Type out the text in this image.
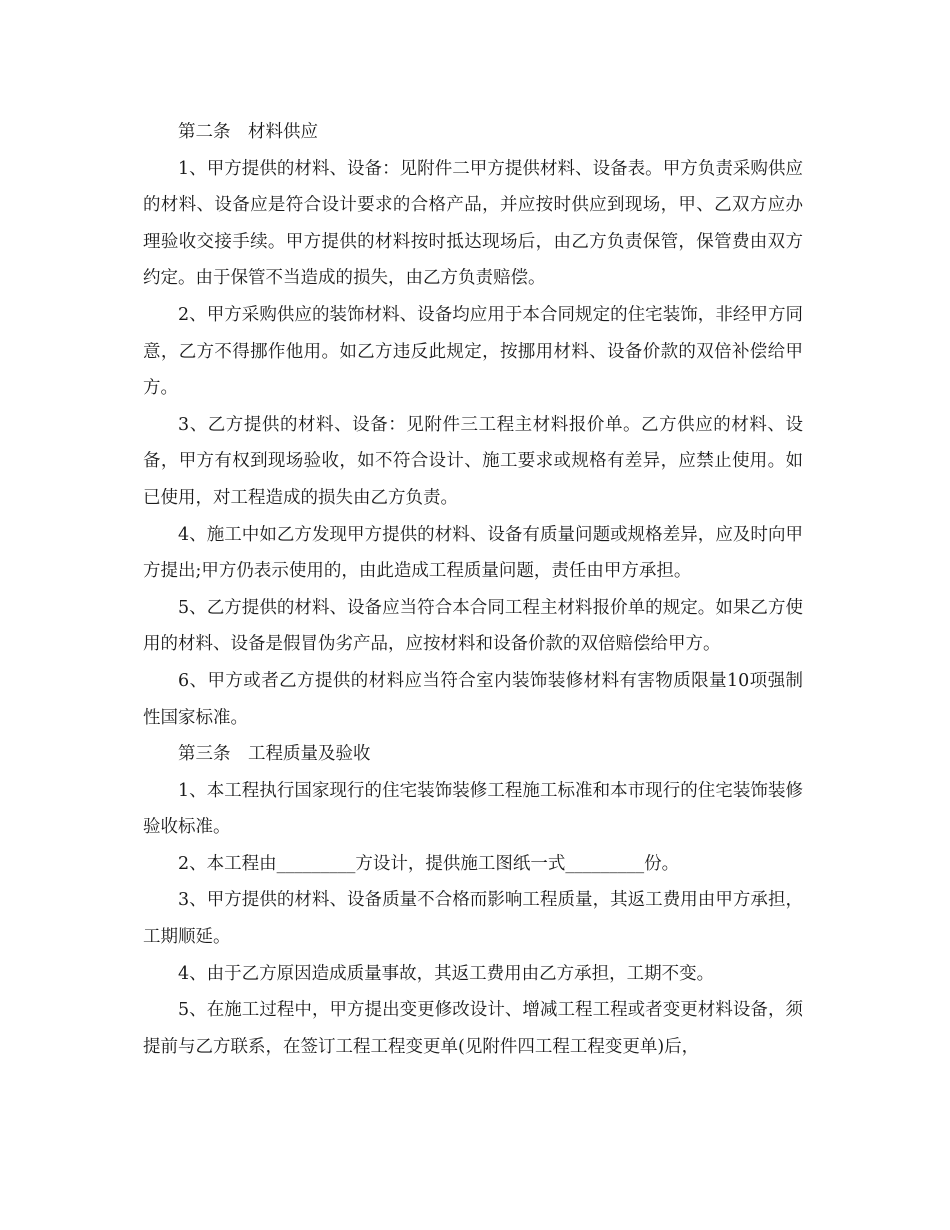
第二条　材料供应

1、甲方提供的材料、设备：见附件二甲方提供材料、设备表。甲方负责采购供应的材料、设备应是符合设计要求的合格产品，并应按时供应到现场，甲、乙双方应办理验收交接手续。甲方提供的材料按时抵达现场后，由乙方负责保管，保管费由双方约定。由于保管不当造成的损失，由乙方负责赔偿。

2、甲方采购供应的装饰材料、设备均应用于本合同规定的住宅装饰，非经甲方同意，乙方不得挪作他用。如乙方违反此规定，按挪用材料、设备价款的双倍补偿给甲方。

3、乙方提供的材料、设备：见附件三工程主材料报价单。乙方供应的材料、设备，甲方有权到现场验收，如不符合设计、施工要求或规格有差异，应禁止使用。如已使用，对工程造成的损失由乙方负责。

4、施工中如乙方发现甲方提供的材料、设备有质量问题或规格差异，应及时向甲方提出;甲方仍表示使用的，由此造成工程质量问题，责任由甲方承担。

5、乙方提供的材料、设备应当符合本合同工程主材料报价单的规定。如果乙方使用的材料、设备是假冒伪劣产品，应按材料和设备价款的双倍赔偿给甲方。

6、甲方或者乙方提供的材料应当符合室内装饰装修材料有害物质限量10项强制性国家标准。

第三条　工程质量及验收

1、本工程执行国家现行的住宅装饰装修工程施工标准和本市现行的住宅装饰装修验收标准。

2、本工程由_________方设计，提供施工图纸一式_________份。

3、甲方提供的材料、设备质量不合格而影响工程质量，其返工费用由甲方承担，工期顺延。

4、由于乙方原因造成质量事故，其返工费用由乙方承担，工期不变。

5、在施工过程中，甲方提出变更修改设计、增减工程工程或者变更材料设备，须提前与乙方联系，在签订工程工程变更单(见附件四工程工程变更单)后，
